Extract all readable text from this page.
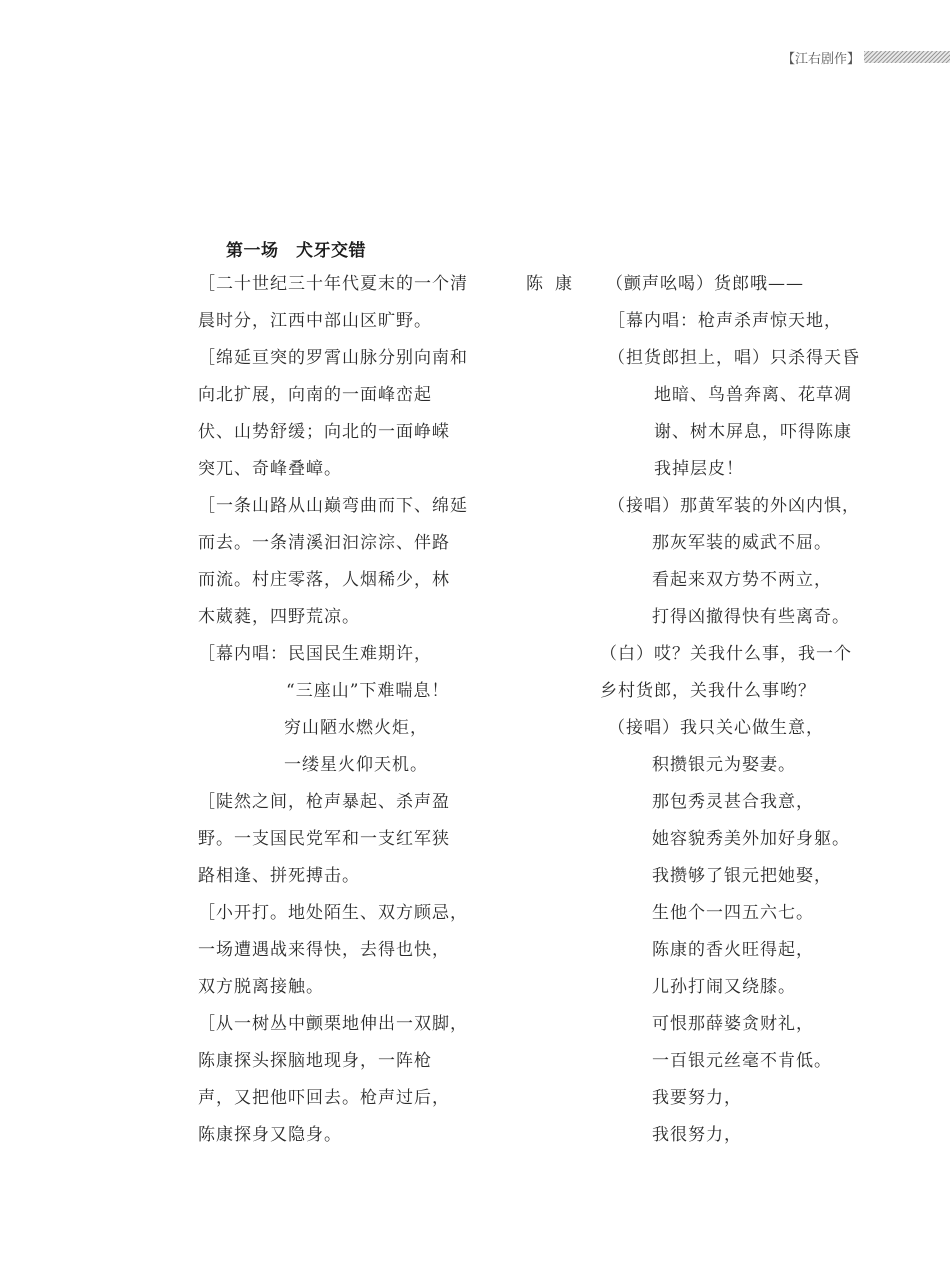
【江右剧作】
第一场　犬牙交错
［二十世纪三十年代夏末的一个清
晨时分，江西中部山区旷野。
［绵延亘突的罗霄山脉分别向南和
向北扩展，向南的一面峰峦起
伏、山势舒缓；向北的一面峥嵘
突兀、奇峰叠嶂。
［一条山路从山巅弯曲而下、绵延
而去。一条清溪汩汩淙淙、伴路
而流。村庄零落，人烟稀少，林
木葳蕤，四野荒凉。
［幕内唱：民国民生难期许，
“三座山”下难喘息！
穷山陋水燃火炬，
一缕星火仰天机。
［陡然之间，枪声暴起、杀声盈
野。一支国民党军和一支红军狭
路相逢、拼死搏击。
［小开打。地处陌生、双方顾忌，
一场遭遇战来得快，去得也快，
双方脱离接触。
［从一树丛中颤栗地伸出一双脚，
陈康探头探脑地现身，一阵枪
声，又把他吓回去。枪声过后，
陈康探身又隐身。
陈康 （颤声吆喝）货郎哦——
［幕内唱：枪声杀声惊天地，
（担货郎担上，唱）只杀得天昏
地暗、鸟兽奔离、花草凋
谢、树木屏息，吓得陈康
我掉层皮！
（接唱）那黄军装的外凶内惧，
那灰军装的威武不屈。
看起来双方势不两立，
打得凶撤得快有些离奇。
（白）哎？关我什么事，我一个
乡村货郎，关我什么事哟？
（接唱）我只关心做生意，
积攒银元为娶妻。
那包秀灵甚合我意，
她容貌秀美外加好身躯。
我攒够了银元把她娶，
生他个一四五六七。
陈康的香火旺得起，
儿孙打闹又绕膝。
可恨那薛婆贪财礼，
一百银元丝毫不肯低。
我要努力，
我很努力，
